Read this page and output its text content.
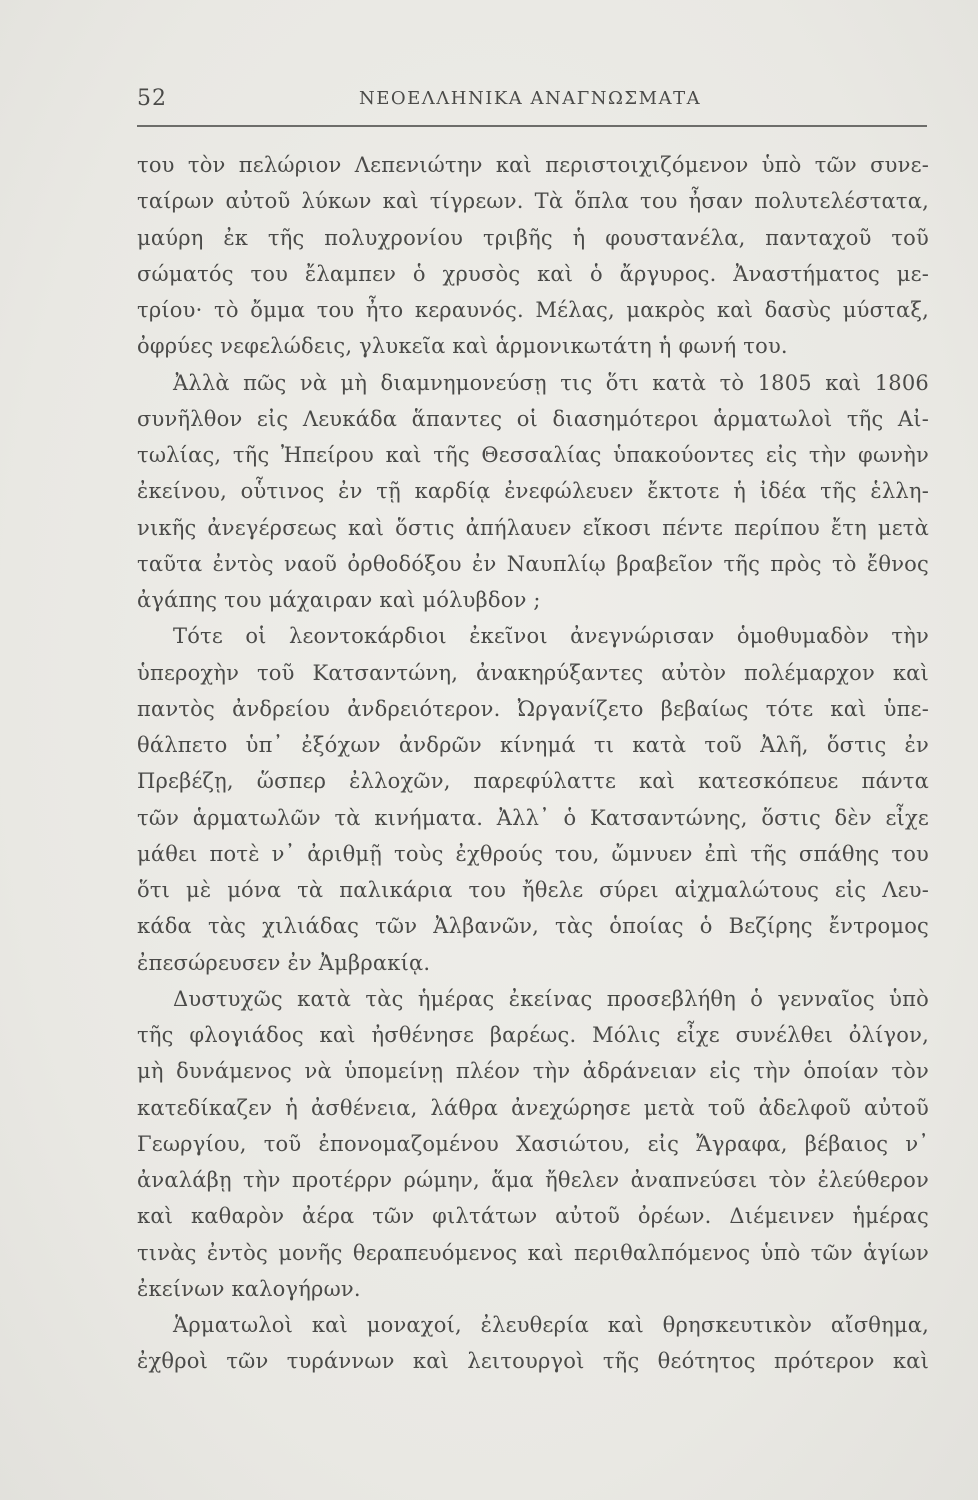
52	ΝΕΟΕΛΛΗΝΙΚΑ ΑΝΑΓΝΩΣΜΑΤΑ
του τὸν πελώριον Λεπενιώτην καὶ περιστοιχιζόμενον ὑπὸ τῶν συνε-
ταίρων αὐτοῦ λύκων καὶ τίγρεων. Τὰ ὅπλα του ἦσαν πολυτελέστατα,
μαύρη ἐκ τῆς πολυχρονίου τριβῆς ἡ φουστανέλα, πανταχοῦ τοῦ
σώματός του ἔλαμπεν ὁ χρυσὸς καὶ ὁ ἄργυρος. Ἀναστήματος με-
τρίου· τὸ ὄμμα του ἦτο κεραυνός. Μέλας, μακρὸς καὶ δασὺς μύσταξ,
ὀφρύες νεφελώδεις, γλυκεῖα καὶ ἁρμονικωτάτη ἡ φωνή του.
Ἀλλὰ πῶς νὰ μὴ διαμνημονεύσῃ τις ὅτι κατὰ τὸ 1805 καὶ 1806
συνῆλθον εἰς Λευκάδα ἅπαντες οἱ διασημότεροι ἁρματωλοὶ τῆς Αἰ-
τωλίας, τῆς Ἠπείρου καὶ τῆς Θεσσαλίας ὑπακούοντες εἰς τὴν φωνὴν
ἐκείνου, οὗτινος ἐν τῇ καρδίᾳ ἐνεφώλευεν ἔκτοτε ἡ ἰδέα τῆς ἑλλη-
νικῆς ἀνεγέρσεως καὶ ὅστις ἀπήλαυεν εἴκοσι πέντε περίπου ἔτη μετὰ
ταῦτα ἐντὸς ναοῦ ὀρθοδόξου ἐν Ναυπλίῳ βραβεῖον τῆς πρὸς τὸ ἔθνος
ἀγάπης του μάχαιραν καὶ μόλυβδον ;
Τότε οἱ λεοντοκάρδιοι ἐκεῖνοι ἀνεγνώρισαν ὁμοθυμαδὸν τὴν
ὑπεροχὴν τοῦ Κατσαντώνη, ἀνακηρύξαντες αὐτὸν πολέμαρχον καὶ
παντὸς ἀνδρείου ἀνδρειότερον. Ὠργανίζετο βεβαίως τότε καὶ ὑπε-
θάλπετο ὑπ᾽ ἐξόχων ἀνδρῶν κίνημά τι κατὰ τοῦ Ἀλῆ, ὅστις ἐν
Πρεβέζῃ, ὥσπερ ἐλλοχῶν, παρεφύλαττε καὶ κατεσκόπευε πάντα
τῶν ἁρματωλῶν τὰ κινήματα. Ἀλλ᾽ ὁ Κατσαντώνης, ὅστις δὲν εἶχε
μάθει ποτὲ ν᾽ ἀριθμῇ τοὺς ἐχθρούς του, ὤμνυεν ἐπὶ τῆς σπάθης του
ὅτι μὲ μόνα τὰ παλικάρια του ἤθελε σύρει αἰχμαλώτους εἰς Λευ-
κάδα τὰς χιλιάδας τῶν Ἀλβανῶν, τὰς ὁποίας ὁ Βεζίρης ἔντρομος
ἐπεσώρευσεν ἐν Ἀμβρακίᾳ.
Δυστυχῶς κατὰ τὰς ἡμέρας ἐκείνας προσεβλήθη ὁ γενναῖος ὑπὸ
τῆς φλογιάδος καὶ ἠσθένησε βαρέως. Μόλις εἶχε συνέλθει ὀλίγον,
μὴ δυνάμενος νὰ ὑπομείνῃ πλέον τὴν ἀδράνειαν εἰς τὴν ὁποίαν τὸν
κατεδίκαζεν ἡ ἀσθένεια, λάθρα ἀνεχώρησε μετὰ τοῦ ἀδελφοῦ αὐτοῦ
Γεωργίου, τοῦ ἐπονομαζομένου Χασιώτου, εἰς Ἄγραφα, βέβαιος ν᾽
ἀναλάβῃ τὴν προτέρρν ρώμην, ἅμα ἤθελεν ἀναπνεύσει τὸν ἐλεύθερον
καὶ καθαρὸν ἀέρα τῶν φιλτάτων αὐτοῦ ὀρέων. Διέμεινεν ἡμέρας
τινὰς ἐντὸς μονῆς θεραπευόμενος καὶ περιθαλπόμενος ὑπὸ τῶν ἁγίων
ἐκείνων καλογήρων.
Ἁρματωλοὶ καὶ μοναχοί, ἐλευθερία καὶ θρησκευτικὸν αἴσθημα,
ἐχθροὶ τῶν τυράννων καὶ λειτουργοὶ τῆς θεότητος πρότερον καὶ
